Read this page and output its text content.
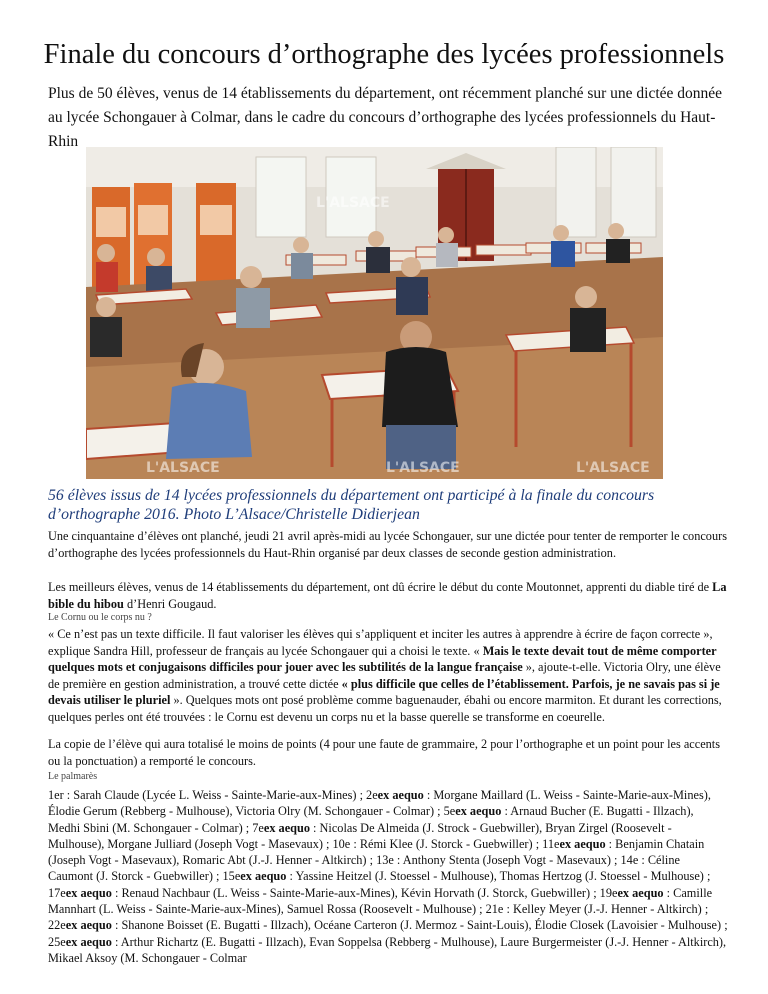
Finale du concours d’orthographe des lycées professionnels
Plus de 50 élèves, venus de 14 établissements du département, ont récemment planché sur une dictée donnée au lycée Schongauer à Colmar, dans le cadre du concours d’orthographe des lycées professionnels du Haut-Rhin
L'ALSACE
L'ALSACE	L'ALSACE	L'ALSACE
56 élèves issus de 14 lycées professionnels du département ont participé à la finale du concours d’orthographe 2016. Photo L’Alsace/Christelle Didierjean
Une cinquantaine d’élèves ont planché, jeudi 21 avril après-midi au lycée Schongauer, sur une dictée pour tenter de remporter le concours d’orthographe des lycées professionnels du Haut-Rhin organisé par deux classes de seconde gestion administration.
Les meilleurs élèves, venus de 14 établissements du département, ont dû écrire le début du conte Moutonnet, apprenti du diable tiré de La bible du hibou d’Henri Gougaud.
Le Cornu ou le corps nu ?
« Ce n’est pas un texte difficile. Il faut valoriser les élèves qui s’appliquent et inciter les autres à apprendre à écrire de façon correcte », explique Sandra Hill, professeur de français au lycée Schongauer qui a choisi le texte. « Mais le texte devait tout de même comporter quelques mots et conjugaisons difficiles pour jouer avec les subtilités de la langue française », ajoute-t-elle. Victoria Olry, une élève de première en gestion administration, a trouvé cette dictée « plus difficile que celles de l’établissement. Parfois, je ne savais pas si je devais utiliser le pluriel ». Quelques mots ont posé problème comme baguenauder, ébahi ou encore marmiton. Et durant les corrections, quelques perles ont été trouvées : le Cornu est devenu un corps nu et la basse querelle se transforme en coeurelle.
La copie de l’élève qui aura totalisé le moins de points (4 pour une faute de grammaire, 2 pour l’orthographe et un point pour les accents ou la ponctuation) a remporté le concours.
Le palmarès
1er : Sarah Claude (Lycée L. Weiss - Sainte-Marie-aux-Mines) ; 2eex aequo : Morgane Maillard (L. Weiss - Sainte-Marie-aux-Mines), Élodie Gerum (Rebberg - Mulhouse), Victoria Olry (M. Schongauer - Colmar) ; 5eex aequo : Arnaud Bucher (E. Bugatti - Illzach), Medhi Sbini (M. Schongauer - Colmar) ; 7eex aequo : Nicolas De Almeida (J. Strock - Guebwiller), Bryan Zirgel (Roosevelt - Mulhouse), Morgane Julliard (Joseph Vogt - Masevaux) ; 10e : Rémi Klee (J. Storck - Guebwiller) ; 11eex aequo : Benjamin Chatain (Joseph Vogt - Masevaux), Romaric Abt (J.-J. Henner - Altkirch) ; 13e : Anthony Stenta (Joseph Vogt - Masevaux) ; 14e : Céline Caumont (J. Storck - Guebwiller) ; 15eex aequo : Yassine Heitzel (J. Stoessel - Mulhouse), Thomas Hertzog (J. Stoessel - Mulhouse) ; 17eex aequo : Renaud Nachbaur (L. Weiss - Sainte-Marie-aux-Mines), Kévin Horvath (J. Storck, Guebwiller) ; 19eex aequo : Camille Mannhart (L. Weiss - Sainte-Marie-aux-Mines), Samuel Rossa (Roosevelt - Mulhouse) ; 21e : Kelley Meyer (J.-J. Henner - Altkirch) ; 22eex aequo : Shanone Boisset (E. Bugatti - Illzach), Océane Carteron (J. Mermoz - Saint-Louis), Élodie Closek (Lavoisier - Mulhouse) ; 25eex aequo : Arthur Richartz (E. Bugatti - Illzach), Evan Soppelsa (Rebberg - Mulhouse), Laure Burgermeister (J.-J. Henner - Altkirch), Mikael Aksoy (M. Schongauer - Colmar
